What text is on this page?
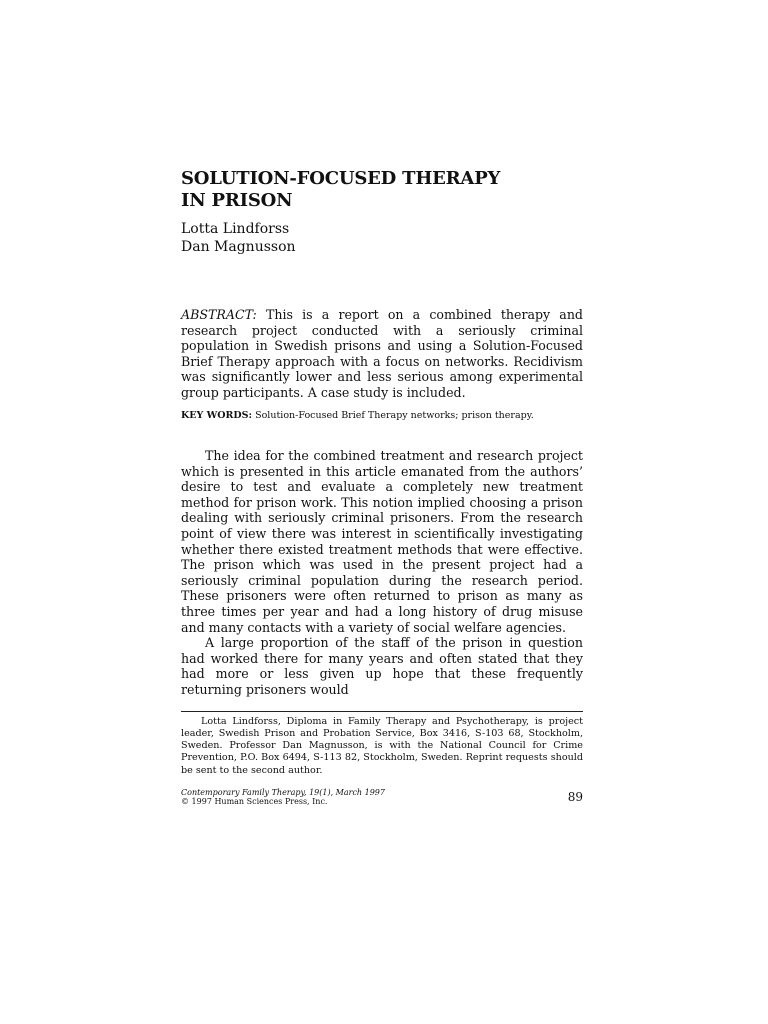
SOLUTION-FOCUSED THERAPY
IN PRISON
Lotta Lindforss
Dan Magnusson
ABSTRACT: This is a report on a combined therapy and research project conducted with a seriously criminal population in Swedish prisons and using a Solution-Focused Brief Therapy approach with a focus on networks. Recidivism was significantly lower and less serious among experimental group participants. A case study is included.
KEY WORDS: Solution-Focused Brief Therapy networks; prison therapy.

The idea for the combined treatment and research project which is presented in this article emanated from the authors’ desire to test and evaluate a completely new treatment method for prison work. This notion implied choosing a prison dealing with seriously criminal prisoners. From the research point of view there was interest in scientifically investigating whether there existed treatment methods that were effective. The prison which was used in the present project had a seriously criminal population during the research period. These prisoners were often returned to prison as many as three times per year and had a long history of drug misuse and many contacts with a variety of social welfare agencies.

A large proportion of the staff of the prison in question had worked there for many years and often stated that they had more or less given up hope that these frequently returning prisoners would

Lotta Lindforss, Diploma in Family Therapy and Psychotherapy, is project leader, Swedish Prison and Probation Service, Box 3416, S-103 68, Stockholm, Sweden. Professor Dan Magnusson, is with the National Council for Crime Prevention, P.O. Box 6494, S-113 82, Stockholm, Sweden. Reprint requests should be sent to the second author.
Contemporary Family Therapy, 19(1), March 1997
© 1997 Human Sciences Press, Inc.	89
